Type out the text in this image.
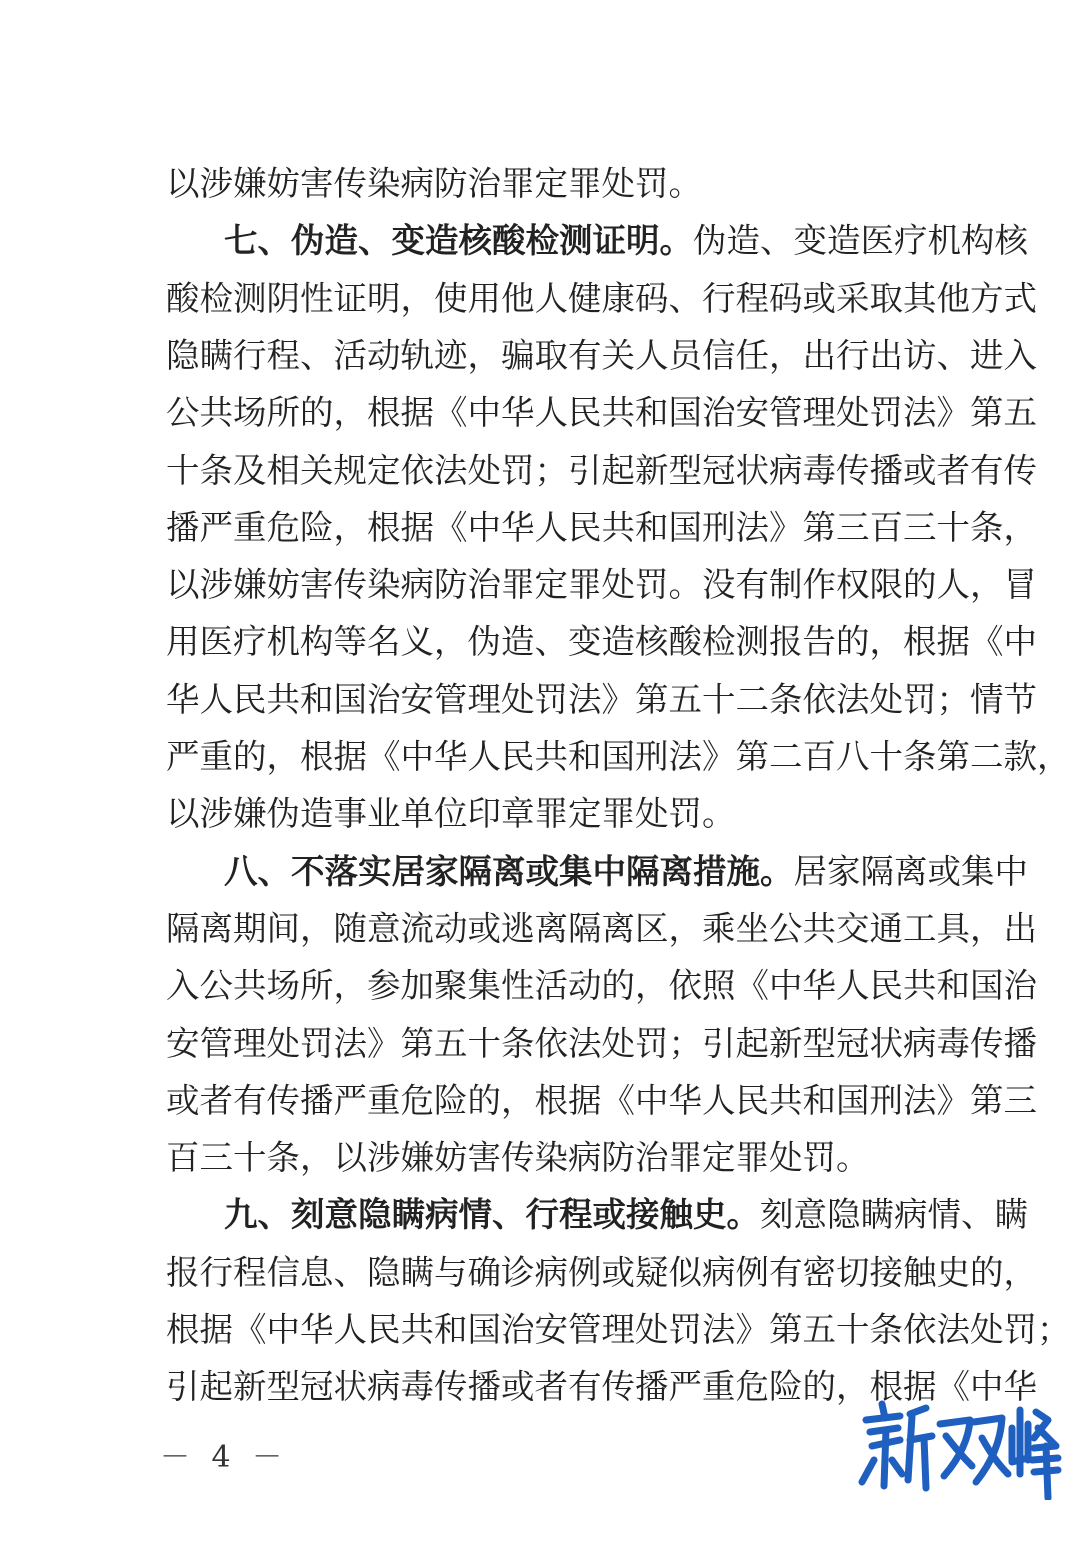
以涉嫌妨害传染病防治罪定罪处罚。
七、伪造、变造核酸检测证明。伪造、变造医疗机构核
酸检测阴性证明，使用他人健康码、行程码或采取其他方式
隐瞒行程、活动轨迹，骗取有关人员信任，出行出访、进入
公共场所的，根据《中华人民共和国治安管理处罚法》第五
十条及相关规定依法处罚；引起新型冠状病毒传播或者有传
播严重危险，根据《中华人民共和国刑法》第三百三十条，
以涉嫌妨害传染病防治罪定罪处罚。没有制作权限的人，冒
用医疗机构等名义，伪造、变造核酸检测报告的，根据《中
华人民共和国治安管理处罚法》第五十二条依法处罚；情节
严重的，根据《中华人民共和国刑法》第二百八十条第二款，
以涉嫌伪造事业单位印章罪定罪处罚。
八、不落实居家隔离或集中隔离措施。居家隔离或集中
隔离期间，随意流动或逃离隔离区，乘坐公共交通工具，出
入公共场所，参加聚集性活动的，依照《中华人民共和国治
安管理处罚法》第五十条依法处罚；引起新型冠状病毒传播
或者有传播严重危险的，根据《中华人民共和国刑法》第三
百三十条，以涉嫌妨害传染病防治罪定罪处罚。
九、刻意隐瞒病情、行程或接触史。刻意隐瞒病情、瞒
报行程信息、隐瞒与确诊病例或疑似病例有密切接触史的，
根据《中华人民共和国治安管理处罚法》第五十条依法处罚；
引起新型冠状病毒传播或者有传播严重危险的，根据《中华
－ 4 －
